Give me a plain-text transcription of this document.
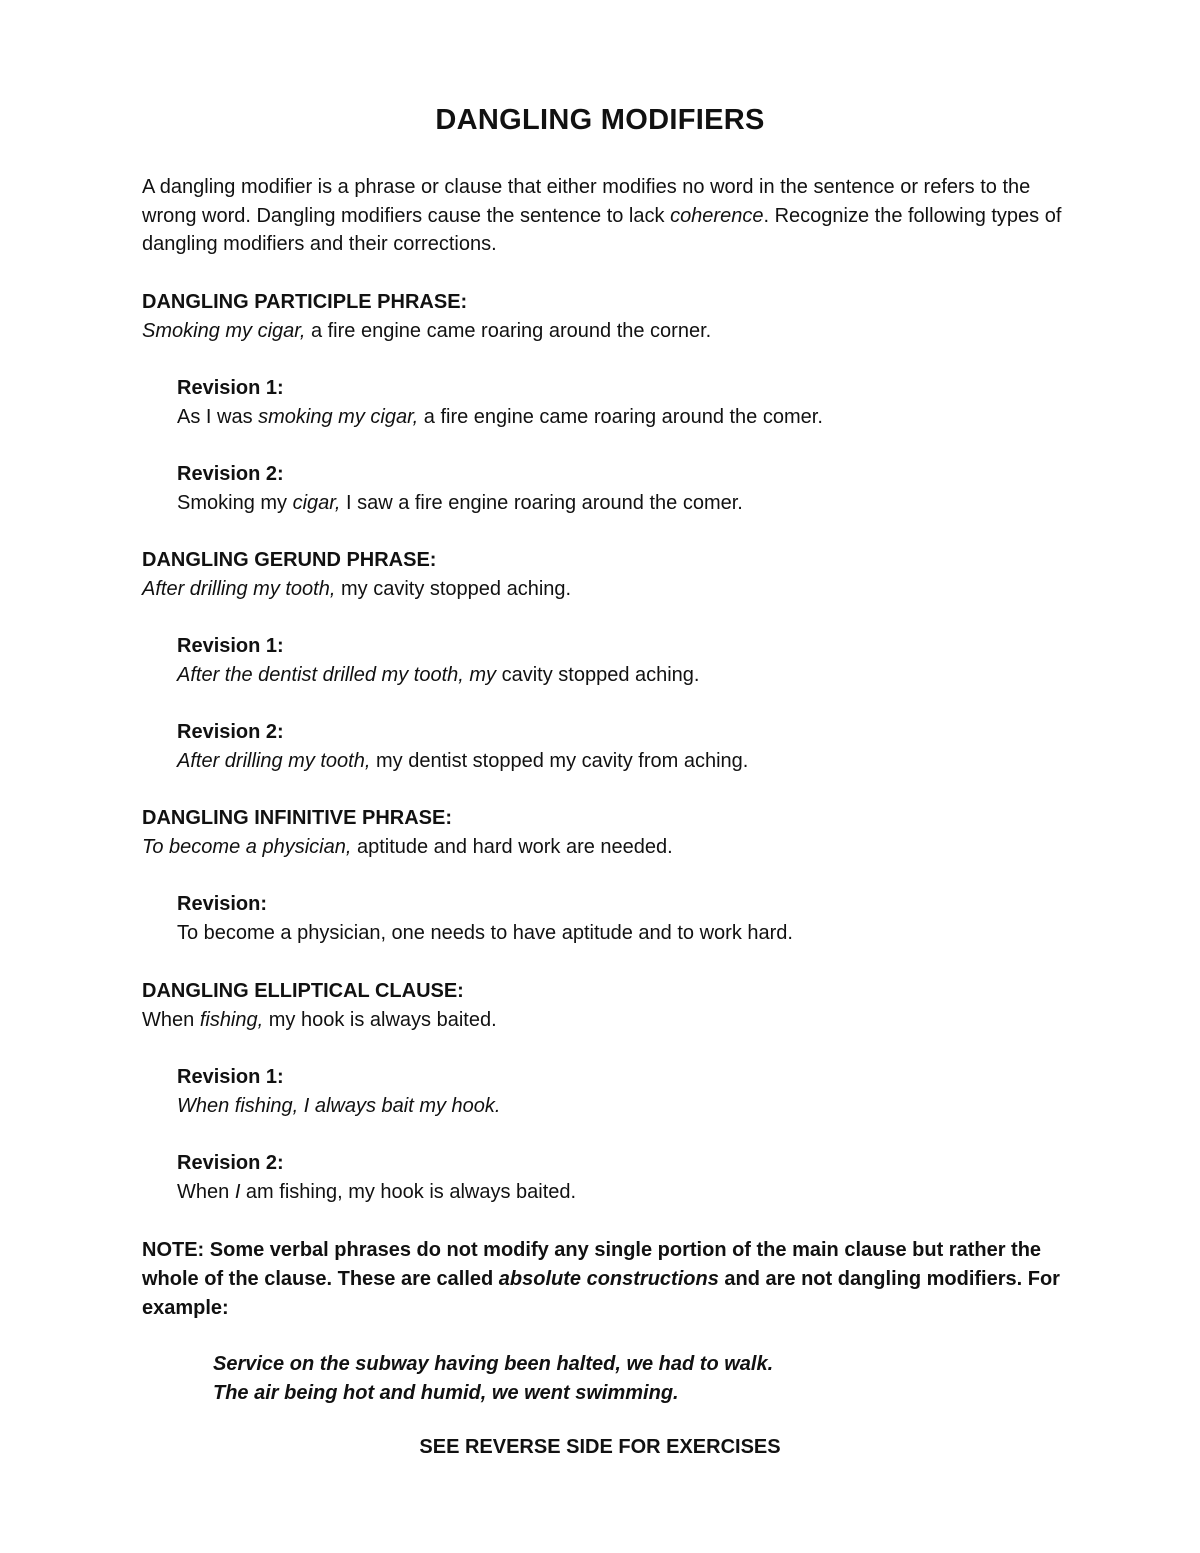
DANGLING MODIFIERS

A dangling modifier is a phrase or clause that either modifies no word in the sentence or refers to the wrong word. Dangling modifiers cause the sentence to lack coherence. Recognize the following types of dangling modifiers and their corrections.

DANGLING PARTICIPLE PHRASE:

Smoking my cigar, a fire engine came roaring around the corner.

Revision 1:

As I was smoking my cigar, a fire engine came roaring around the comer.

Revision 2:

Smoking my cigar, I saw a fire engine roaring around the comer.

DANGLING GERUND PHRASE:

After drilling my tooth, my cavity stopped aching.

Revision 1:

After the dentist drilled my tooth, my cavity stopped aching.

Revision 2:

After drilling my tooth, my dentist stopped my cavity from aching.

DANGLING INFINITIVE PHRASE:

To become a physician, aptitude and hard work are needed.

Revision:

To become a physician, one needs to have aptitude and to work hard.

DANGLING ELLIPTICAL CLAUSE:

When fishing, my hook is always baited.

Revision 1:

When fishing, I always bait my hook.

Revision 2:

When I am fishing, my hook is always baited.

NOTE: Some verbal phrases do not modify any single portion of the main clause but rather the whole of the clause. These are called absolute constructions and are not dangling modifiers. For example:

Service on the subway having been halted, we had to walk.

The air being hot and humid, we went swimming.

SEE REVERSE SIDE FOR EXERCISES
